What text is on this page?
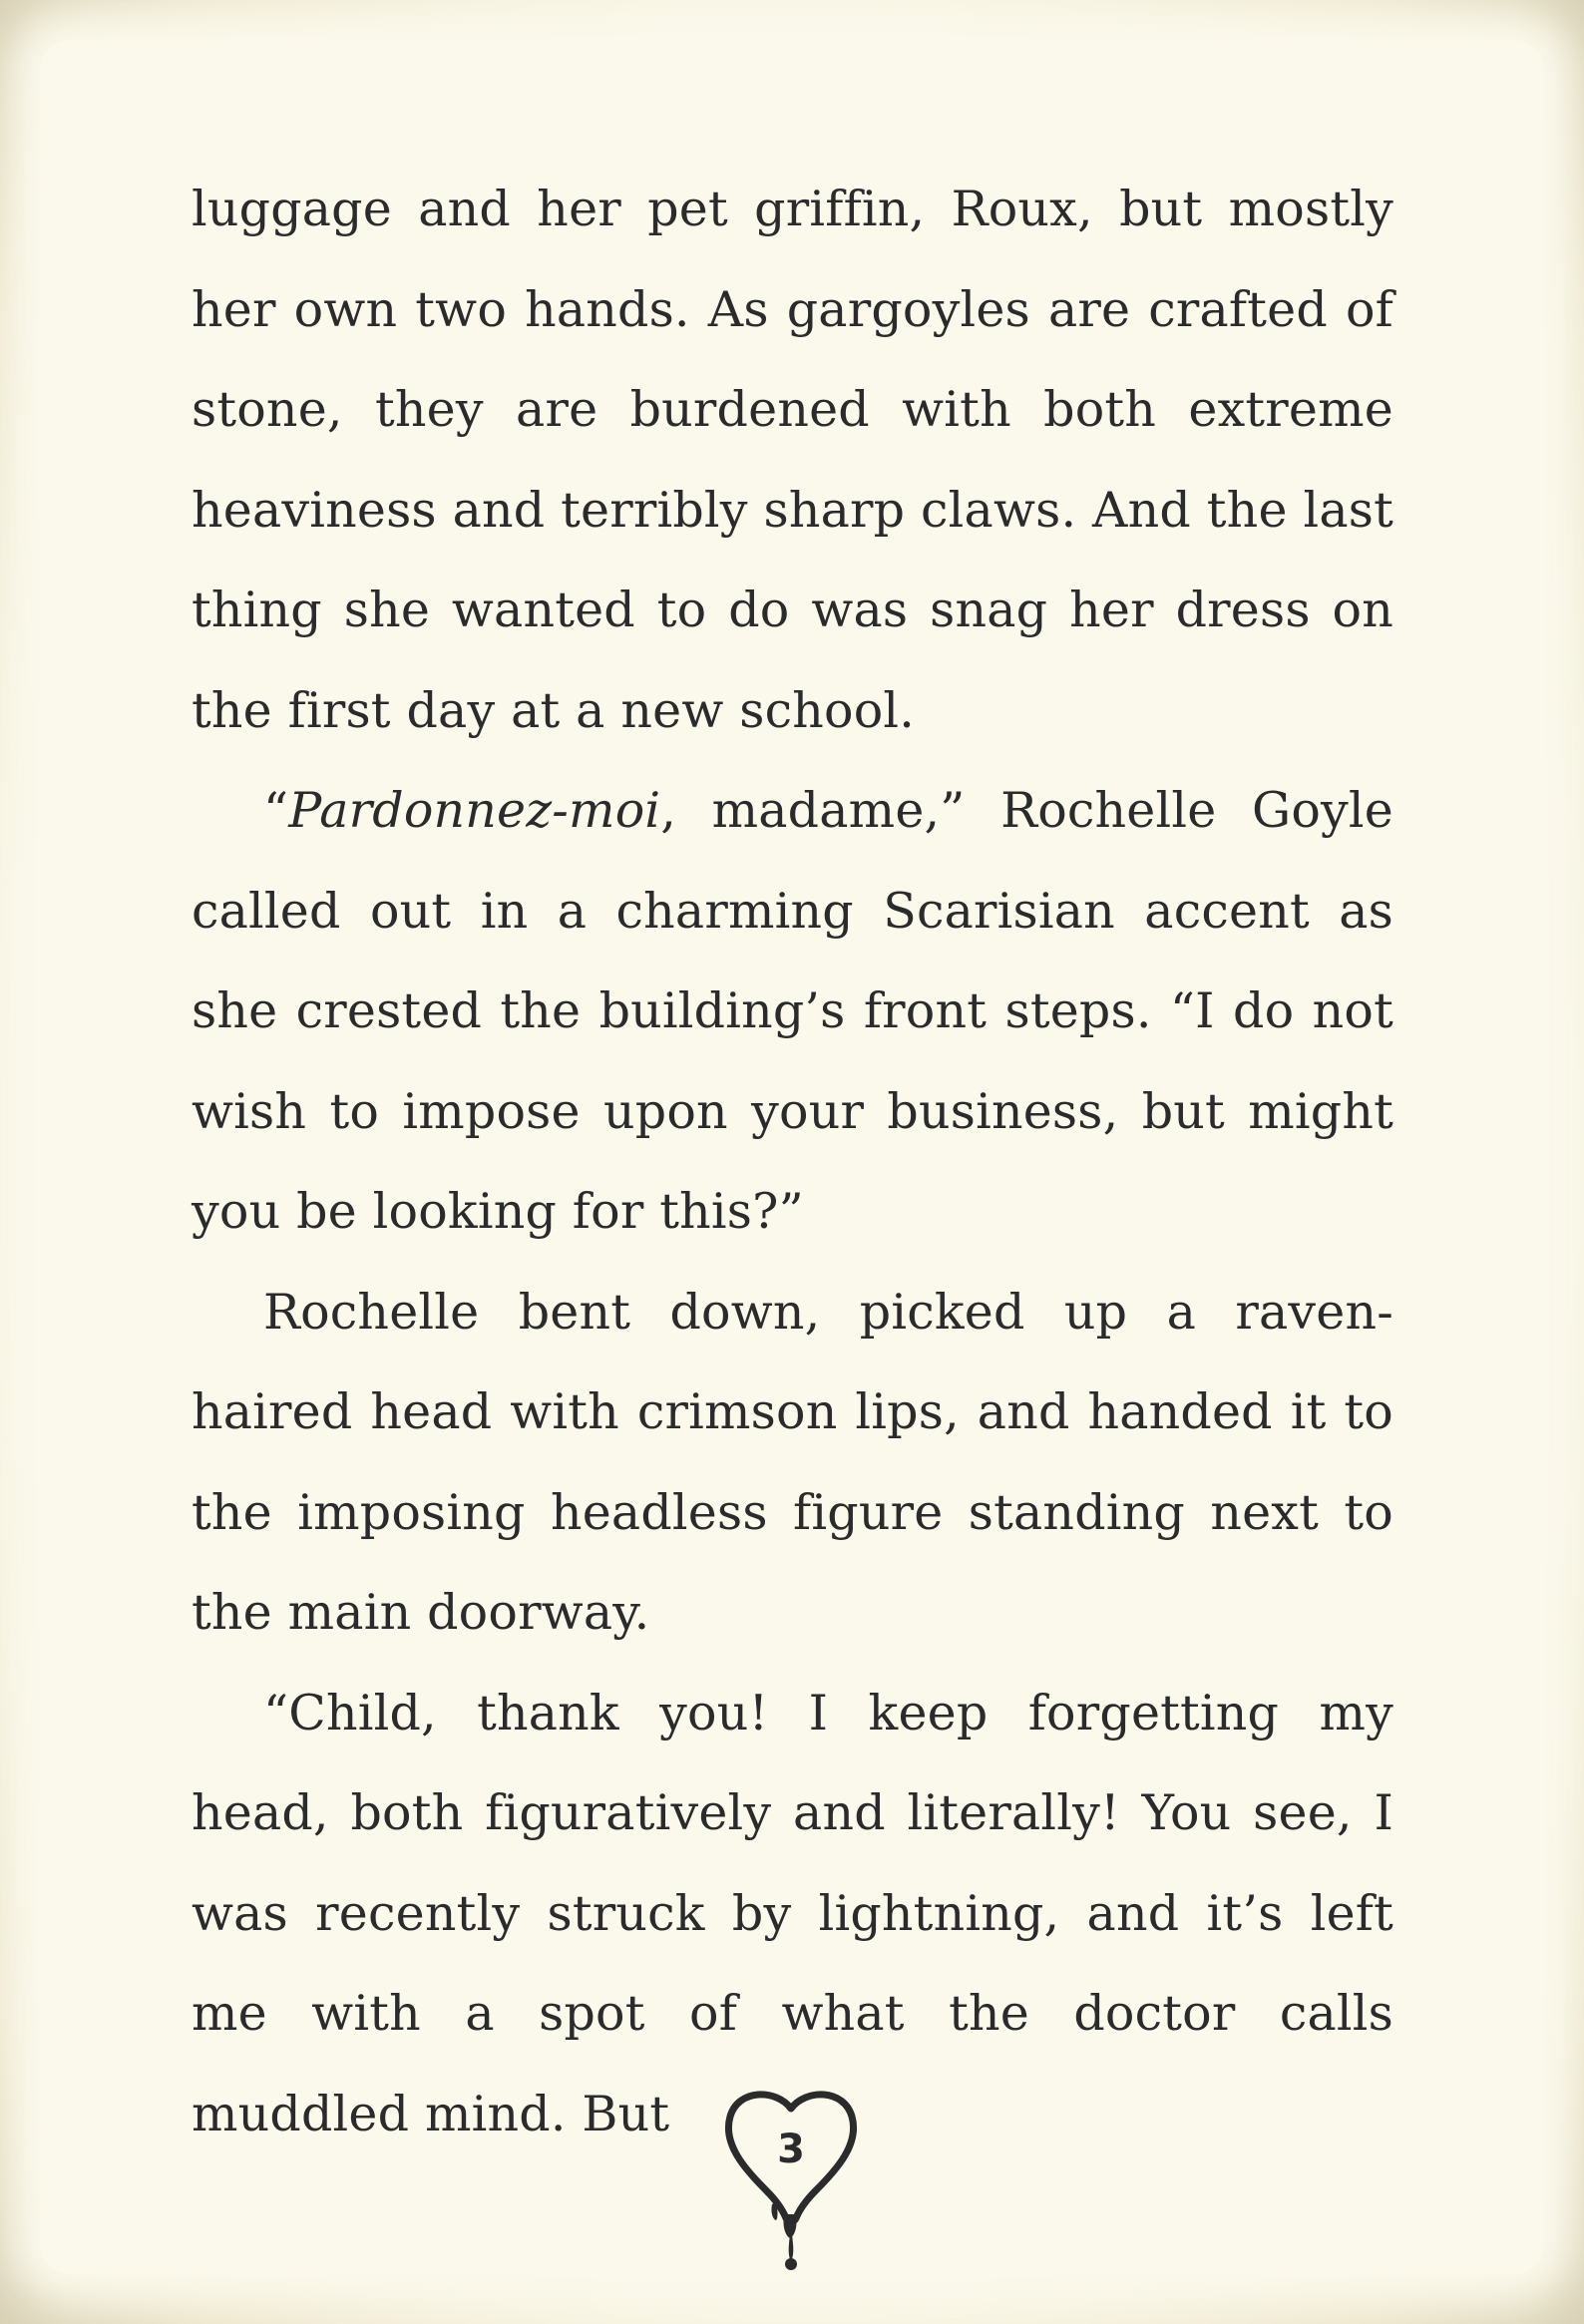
luggage and her pet griffin, Roux, but mostly her own two hands. As gargoyles are crafted of stone, they are burdened with both extreme heaviness and terribly sharp claws. And the last thing she wanted to do was snag her dress on the first day at a new school.

“Pardonnez-moi, madame,” Rochelle Goyle called out in a charming Scarisian accent as she crested the building’s front steps. “I do not wish to impose upon your business, but might you be looking for this?”

Rochelle bent down, picked up a raven-haired head with crimson lips, and handed it to the imposing headless figure standing next to the main doorway.

“Child, thank you! I keep forgetting my head, both figuratively and literally! You see, I was recently struck by lightning, and it’s left me with a spot of what the doctor calls muddled mind. But

3
